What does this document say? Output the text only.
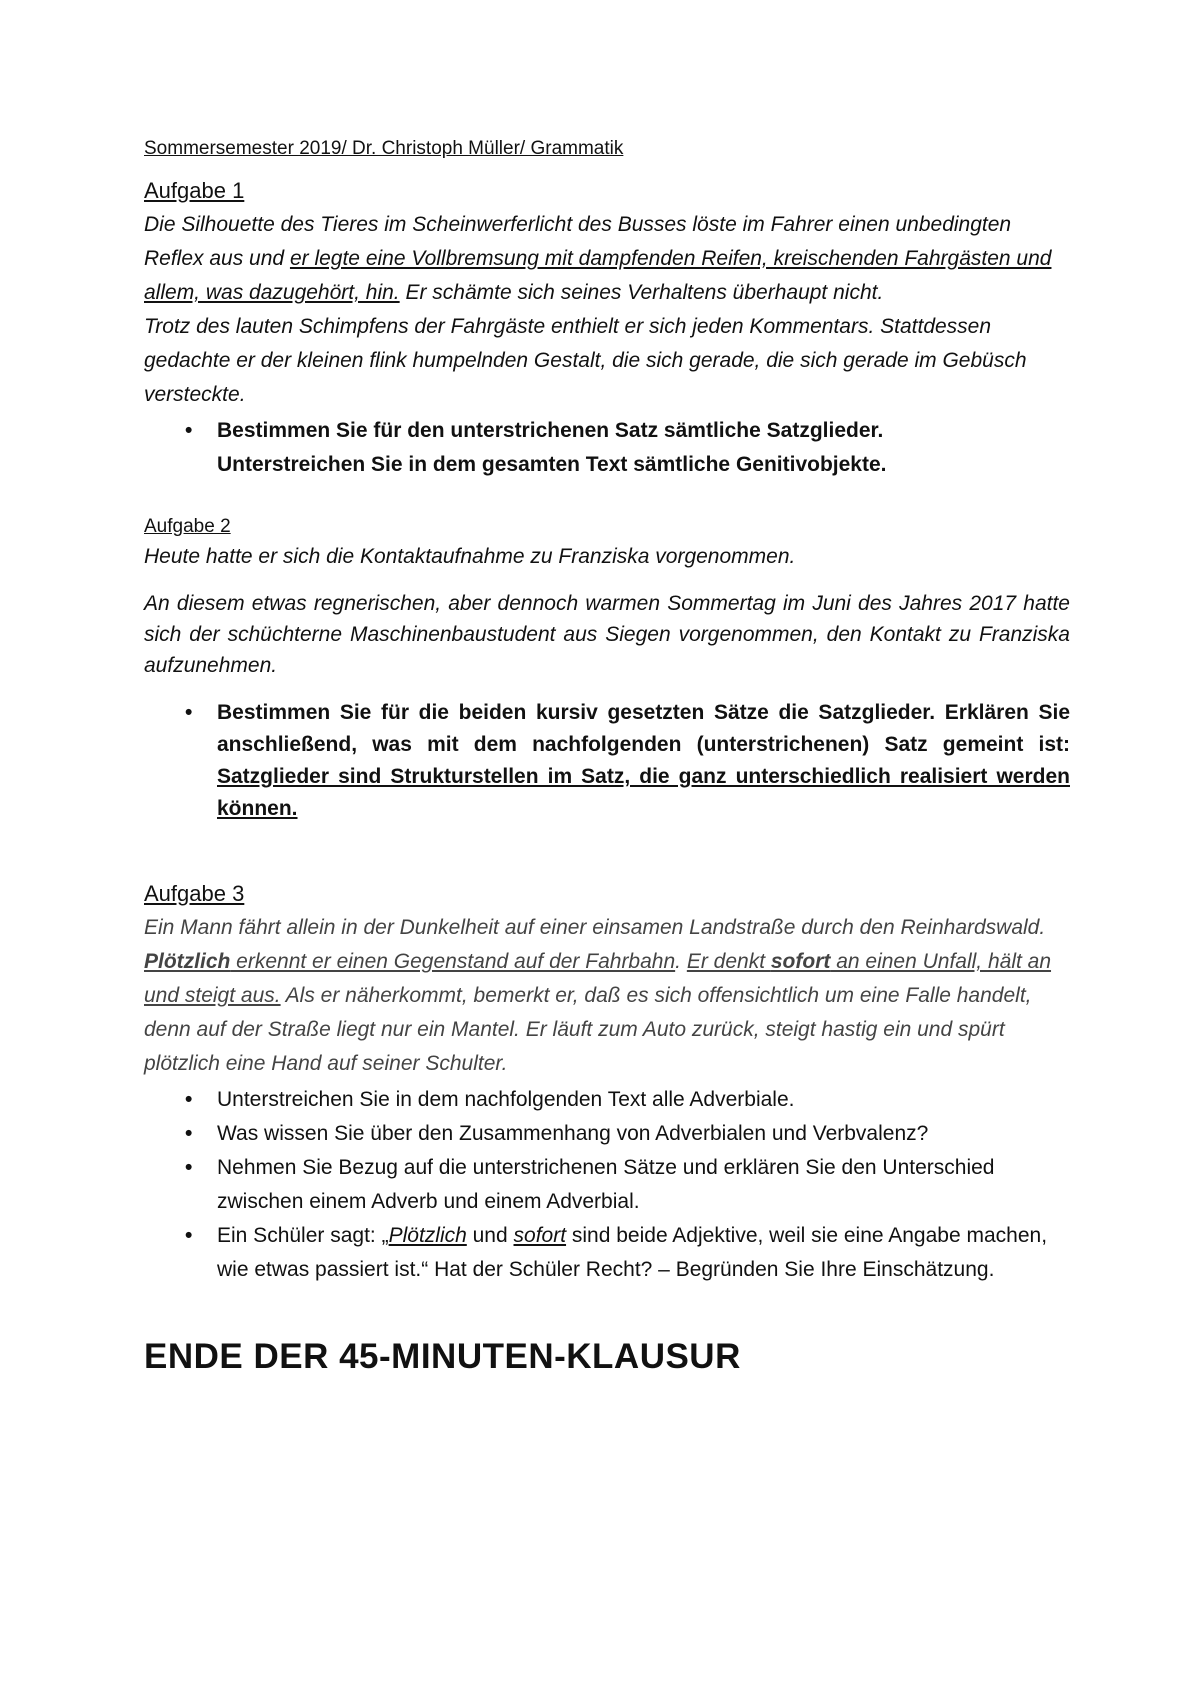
Sommersemester 2019/ Dr. Christoph Müller/ Grammatik

Aufgabe 1

Die Silhouette des Tieres im Scheinwerferlicht des Busses löste im Fahrer einen unbedingten Reflex aus und er legte eine Vollbremsung mit dampfenden Reifen, kreischenden Fahrgästen und allem, was dazugehört, hin. Er schämte sich seines Verhaltens überhaupt nicht.

Trotz des lauten Schimpfens der Fahrgäste enthielt er sich jeden Kommentars. Stattdessen gedachte er der kleinen flink humpelnden Gestalt, die sich gerade, die sich gerade im Gebüsch versteckte.

• Bestimmen Sie für den unterstrichenen Satz sämtliche Satzglieder.
Unterstreichen Sie in dem gesamten Text sämtliche Genitivobjekte.

Aufgabe 2

Heute hatte er sich die Kontaktaufnahme zu Franziska vorgenommen.

An diesem etwas regnerischen, aber dennoch warmen Sommertag im Juni des Jahres 2017 hatte sich der schüchterne Maschinenbaustudent aus Siegen vorgenommen, den Kontakt zu Franziska aufzunehmen.

• Bestimmen Sie für die beiden kursiv gesetzten Sätze die Satzglieder. Erklären Sie anschließend, was mit dem nachfolgenden (unterstrichenen) Satz gemeint ist: Satzglieder sind Strukturstellen im Satz, die ganz unterschiedlich realisiert werden können.

Aufgabe 3

Ein Mann fährt allein in der Dunkelheit auf einer einsamen Landstraße durch den Reinhardswald. Plötzlich erkennt er einen Gegenstand auf der Fahrbahn. Er denkt sofort an einen Unfall, hält an und steigt aus. Als er näherkommt, bemerkt er, daß es sich offensichtlich um eine Falle handelt, denn auf der Straße liegt nur ein Mantel. Er läuft zum Auto zurück, steigt hastig ein und spürt plötzlich eine Hand auf seiner Schulter.

• Unterstreichen Sie in dem nachfolgenden Text alle Adverbiale.
• Was wissen Sie über den Zusammenhang von Adverbialen und Verbvalenz?
• Nehmen Sie Bezug auf die unterstrichenen Sätze und erklären Sie den Unterschied zwischen einem Adverb und einem Adverbial.
• Ein Schüler sagt: „Plötzlich und sofort sind beide Adjektive, weil sie eine Angabe machen, wie etwas passiert ist.“ Hat der Schüler Recht? – Begründen Sie Ihre Einschätzung.

ENDE DER 45-MINUTEN-KLAUSUR
